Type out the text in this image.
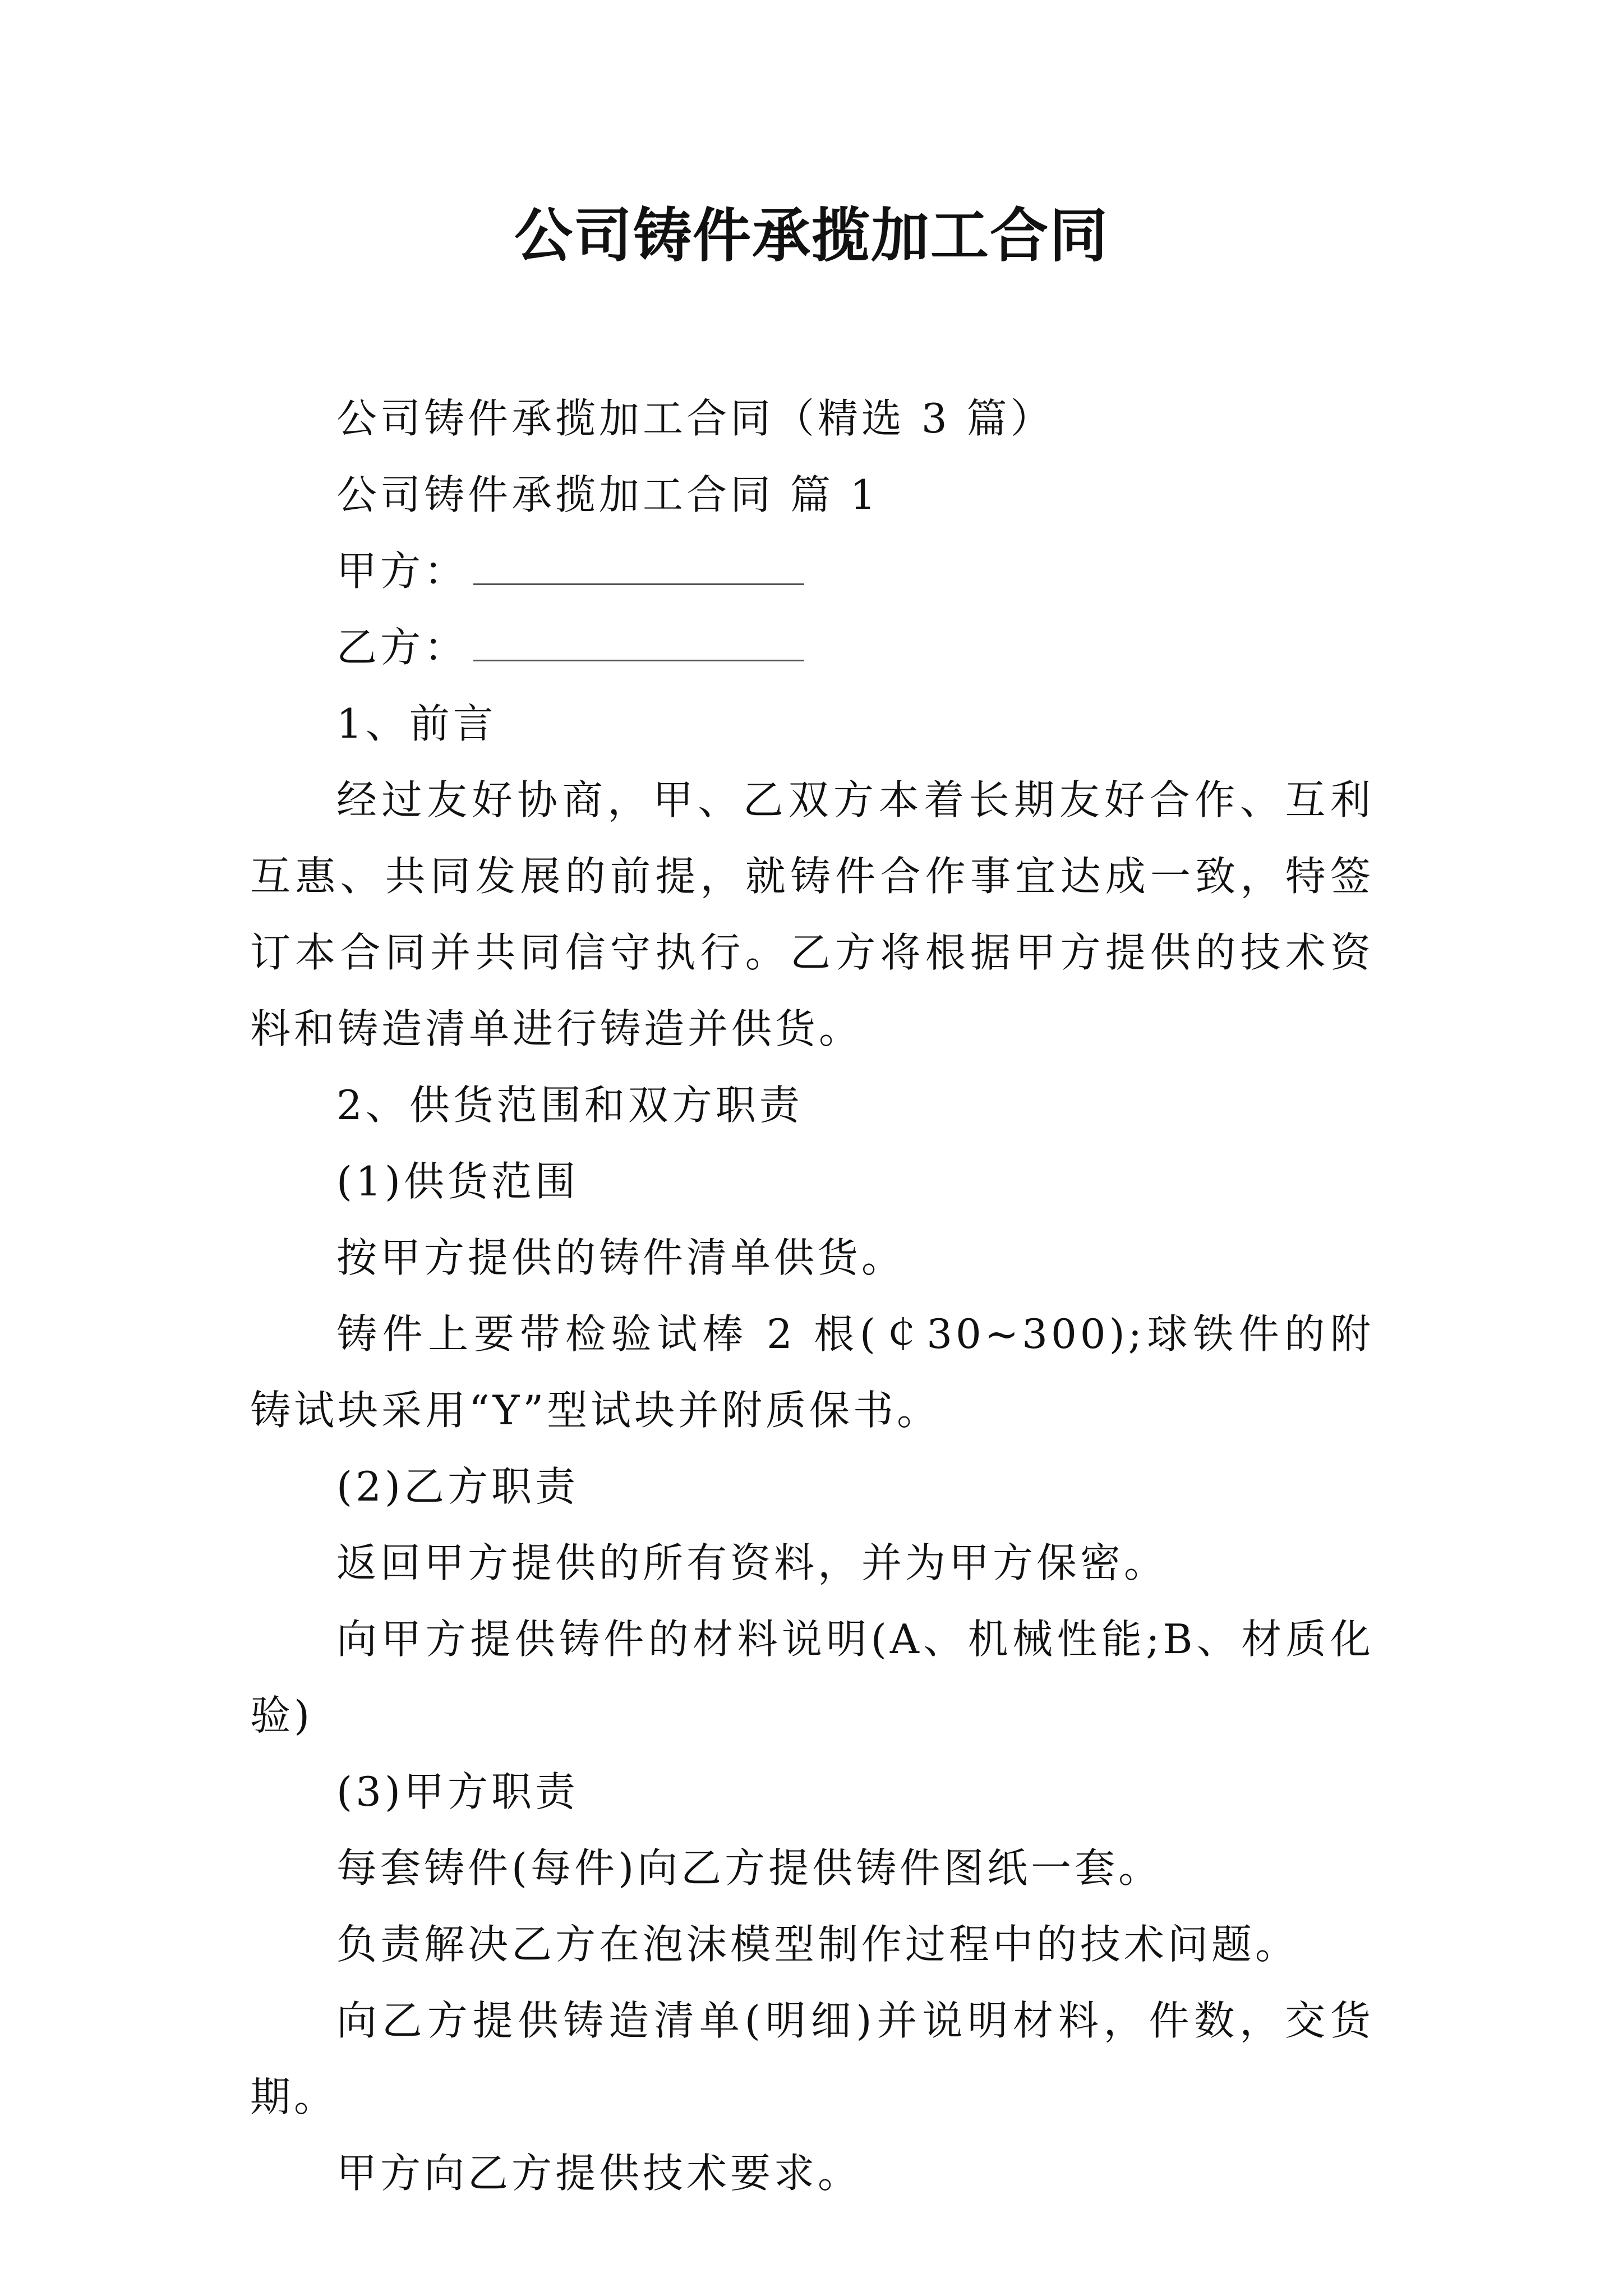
公司铸件承揽加工合同

公司铸件承揽加工合同（精选 3 篇）

公司铸件承揽加工合同 篇 1

甲方：

乙方：

1、前言

经过友好协商，甲、乙双方本着长期友好合作、互利互惠、共同发展的前提，就铸件合作事宜达成一致，特签订本合同并共同信守执行。乙方将根据甲方提供的技术资料和铸造清单进行铸造并供货。

2、供货范围和双方职责

(1)供货范围

按甲方提供的铸件清单供货。

铸件上要带检验试棒 2 根(￠30~300);球铁件的附铸试块采用“Y”型试块并附质保书。

(2)乙方职责

返回甲方提供的所有资料，并为甲方保密。

向甲方提供铸件的材料说明(A、机械性能;B、材质化验)

(3)甲方职责

每套铸件(每件)向乙方提供铸件图纸一套。

负责解决乙方在泡沫模型制作过程中的技术问题。

向乙方提供铸造清单(明细)并说明材料，件数，交货期。

甲方向乙方提供技术要求。
